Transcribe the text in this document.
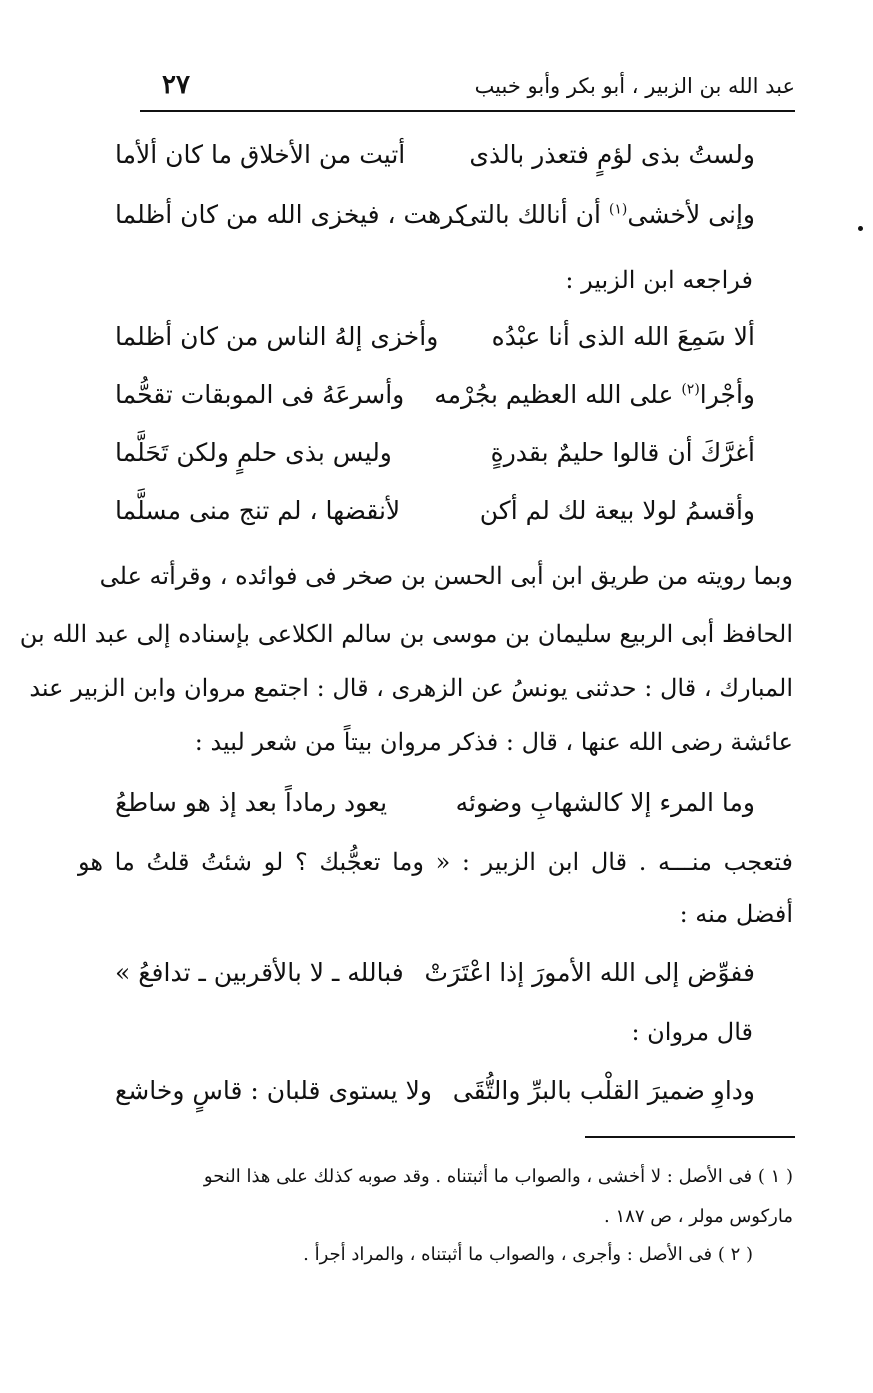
عبد الله بن الزبير ، أبو بكر وأبو خبيب
٢٧
ولستُ بذى لؤمٍ فتعذر بالذى
أتيت من الأخلاق ما كان ألأما
وإنى لأخشى$^{(١)}$ أن أنالك بالتى
كرهت ، فيخزى الله من كان أظلما
فراجعه ابن الزبير :
ألا سَمِعَ الله الذى أنا عبْدُه
وأخزى إلهُ الناس من كان أظلما
وأجْرا$^{(٢)}$ على الله العظيم بجُرْمه
وأسرعَهُ فى الموبقات تقحُّما
أغرَّكَ أن قالوا حليمٌ بقدرةٍ
وليس بذى حلمٍ ولكن تَحَلَّما
وأقسمُ لولا بيعة لك لم أكن
لأنقضها ، لم تنج منى مسلَّما
وبما رويته من طريق ابن أبى الحسن بن صخر فى فوائده ، وقرأته على
الحافظ أبى الربيع سليمان بن موسى بن سالم الكلاعى بإسناده إلى عبد الله بن
المبارك ، قال : حدثنى يونسُ عن الزهرى ، قال : اجتمع مروان وابن الزبير عند
عائشة رضى الله عنها ، قال : فذكر مروان بيتاً من شعر لبيد :
وما المرء إلا كالشهابِ وضوئه
يعود رماداً بعد إذ هو ساطعُ
فتعجب منـــه . قال ابن الزبير : « وما تعجُّبك ؟ لو شئتُ قلتُ ما هو
أفضل منه :
ففوِّض إلى الله الأمورَ إذا اعْتَرَتْ
فبالله ـ لا بالأقربين ـ تدافعُ »
قال مروان :
وداوِ ضميرَ القلْب بالبرِّ والتُّقَى
ولا يستوى قلبان : قاسٍ وخاشع
( ١ ) فى الأصل : لا أخشى ، والصواب ما أثبتناه . وقد صوبه كذلك على هذا النحو
ماركوس مولر ، ص ١٨٧ .
( ٢ ) فى الأصل : وأجرى ، والصواب ما أثبتناه ، والمراد أجرأ .
